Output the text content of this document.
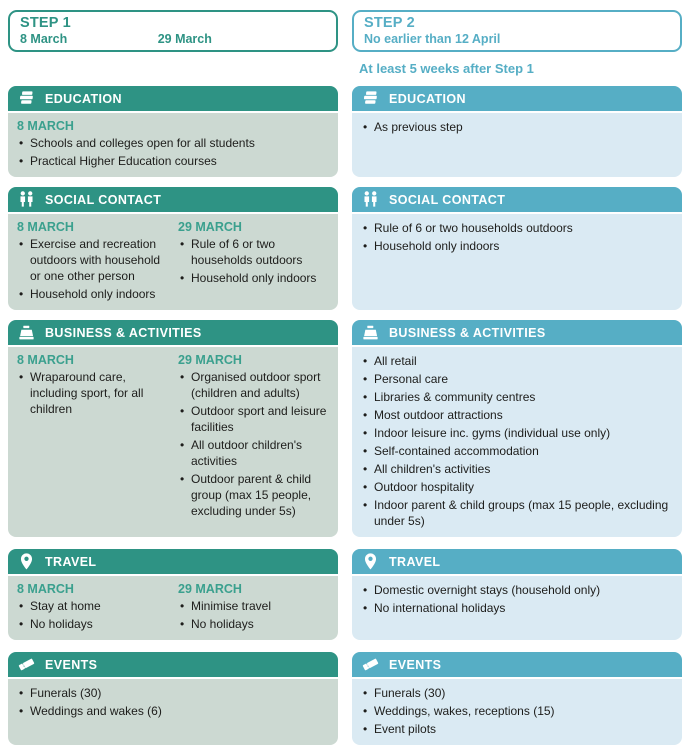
STEP 1
8 March	29 March
STEP 2
No earlier than 12 April
At least 5 weeks after Step 1
EDUCATION
8 MARCH
• Schools and colleges open for all students
• Practical Higher Education courses
EDUCATION
• As previous step
SOCIAL CONTACT
8 MARCH
• Exercise and recreation outdoors with household or one other person
• Household only indoors
29 MARCH
• Rule of 6 or two households outdoors
• Household only indoors
SOCIAL CONTACT
• Rule of 6 or two households outdoors
• Household only indoors
BUSINESS & ACTIVITIES
8 MARCH
• Wraparound care, including sport, for all children
29 MARCH
• Organised outdoor sport (children and adults)
• Outdoor sport and leisure facilities
• All outdoor children's activities
• Outdoor parent & child group (max 15 people, excluding under 5s)
BUSINESS & ACTIVITIES
• All retail
• Personal care
• Libraries & community centres
• Most outdoor attractions
• Indoor leisure inc. gyms (individual use only)
• Self-contained accommodation
• All children's activities
• Outdoor hospitality
• Indoor parent & child groups (max 15 people, excluding under 5s)
TRAVEL
8 MARCH
• Stay at home
• No holidays
29 MARCH
• Minimise travel
• No holidays
TRAVEL
• Domestic overnight stays (household only)
• No international holidays
EVENTS
• Funerals (30)
• Weddings and wakes (6)
EVENTS
• Funerals (30)
• Weddings, wakes, receptions (15)
• Event pilots
